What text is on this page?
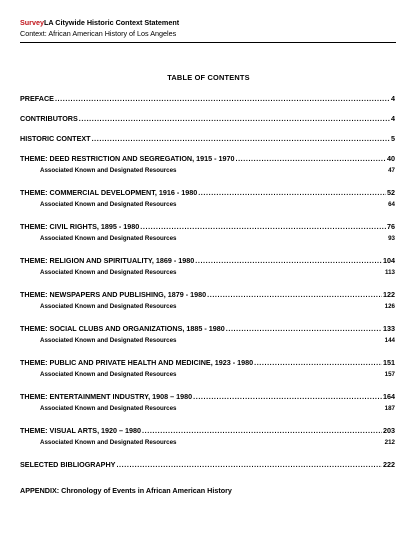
SurveyLA Citywide Historic Context Statement
Context: African American History of Los Angeles
TABLE OF CONTENTS
PREFACE .....	4
CONTRIBUTORS .....	4
HISTORIC CONTEXT .....	5
THEME: DEED RESTRICTION AND SEGREGATION, 1915 - 1970 .....	40
Associated Known and Designated Resources	47
THEME: COMMERCIAL DEVELOPMENT, 1916 - 1980 .....	52
Associated Known and Designated Resources	64
THEME: CIVIL RIGHTS, 1895 - 1980 .....	76
Associated Known and Designated Resources	93
THEME: RELIGION AND SPIRITUALITY, 1869 - 1980 .....	104
Associated Known and Designated Resources	113
THEME: NEWSPAPERS AND PUBLISHING, 1879 - 1980 .....	122
Associated Known and Designated Resources	126
THEME: SOCIAL CLUBS AND ORGANIZATIONS, 1885 - 1980 .....	133
Associated Known and Designated Resources	144
THEME: PUBLIC AND PRIVATE HEALTH AND MEDICINE, 1923 - 1980 .....	151
Associated Known and Designated Resources	157
THEME: ENTERTAINMENT INDUSTRY, 1908 – 1980 .....	164
Associated Known and Designated Resources	187
THEME: VISUAL ARTS, 1920 – 1980 .....	203
Associated Known and Designated Resources	212
SELECTED BIBLIOGRAPHY .....	222
APPENDIX: Chronology of Events in African American History
